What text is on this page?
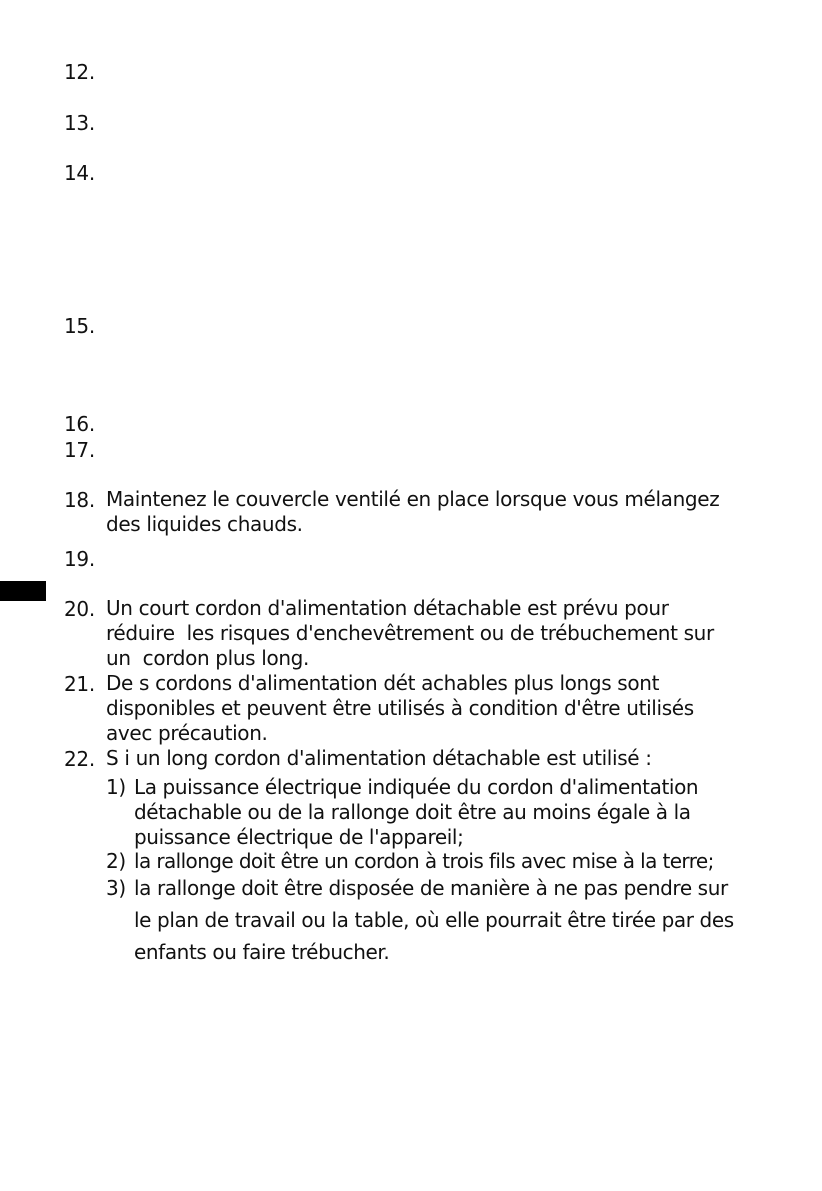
12.
13.
14.
15.
16.
17.
18. Maintenez le couvercle ventilé en place lorsque vous mélangez
des liquides chauds.
19.
20. Un court cordon d'alimentation détachable est prévu pour
réduire  les risques d'enchevêtrement ou de trébuchement sur
un  cordon plus long.
21. De s cordons d'alimentation dét achables plus longs sont
disponibles et peuvent être utilisés à condition d'être utilisés
avec précaution.
22. S i un long cordon d'alimentation détachable est utilisé :
1) La puissance électrique indiquée du cordon d'alimentation
détachable ou de la rallonge doit être au moins égale à la
puissance électrique de l'appareil;
2) la rallonge doit être un cordon à trois fils avec mise à la terre;
3) la rallonge doit être disposée de manière à ne pas pendre sur
le plan de travail ou la table, où elle pourrait être tirée par des
enfants ou faire trébucher.
